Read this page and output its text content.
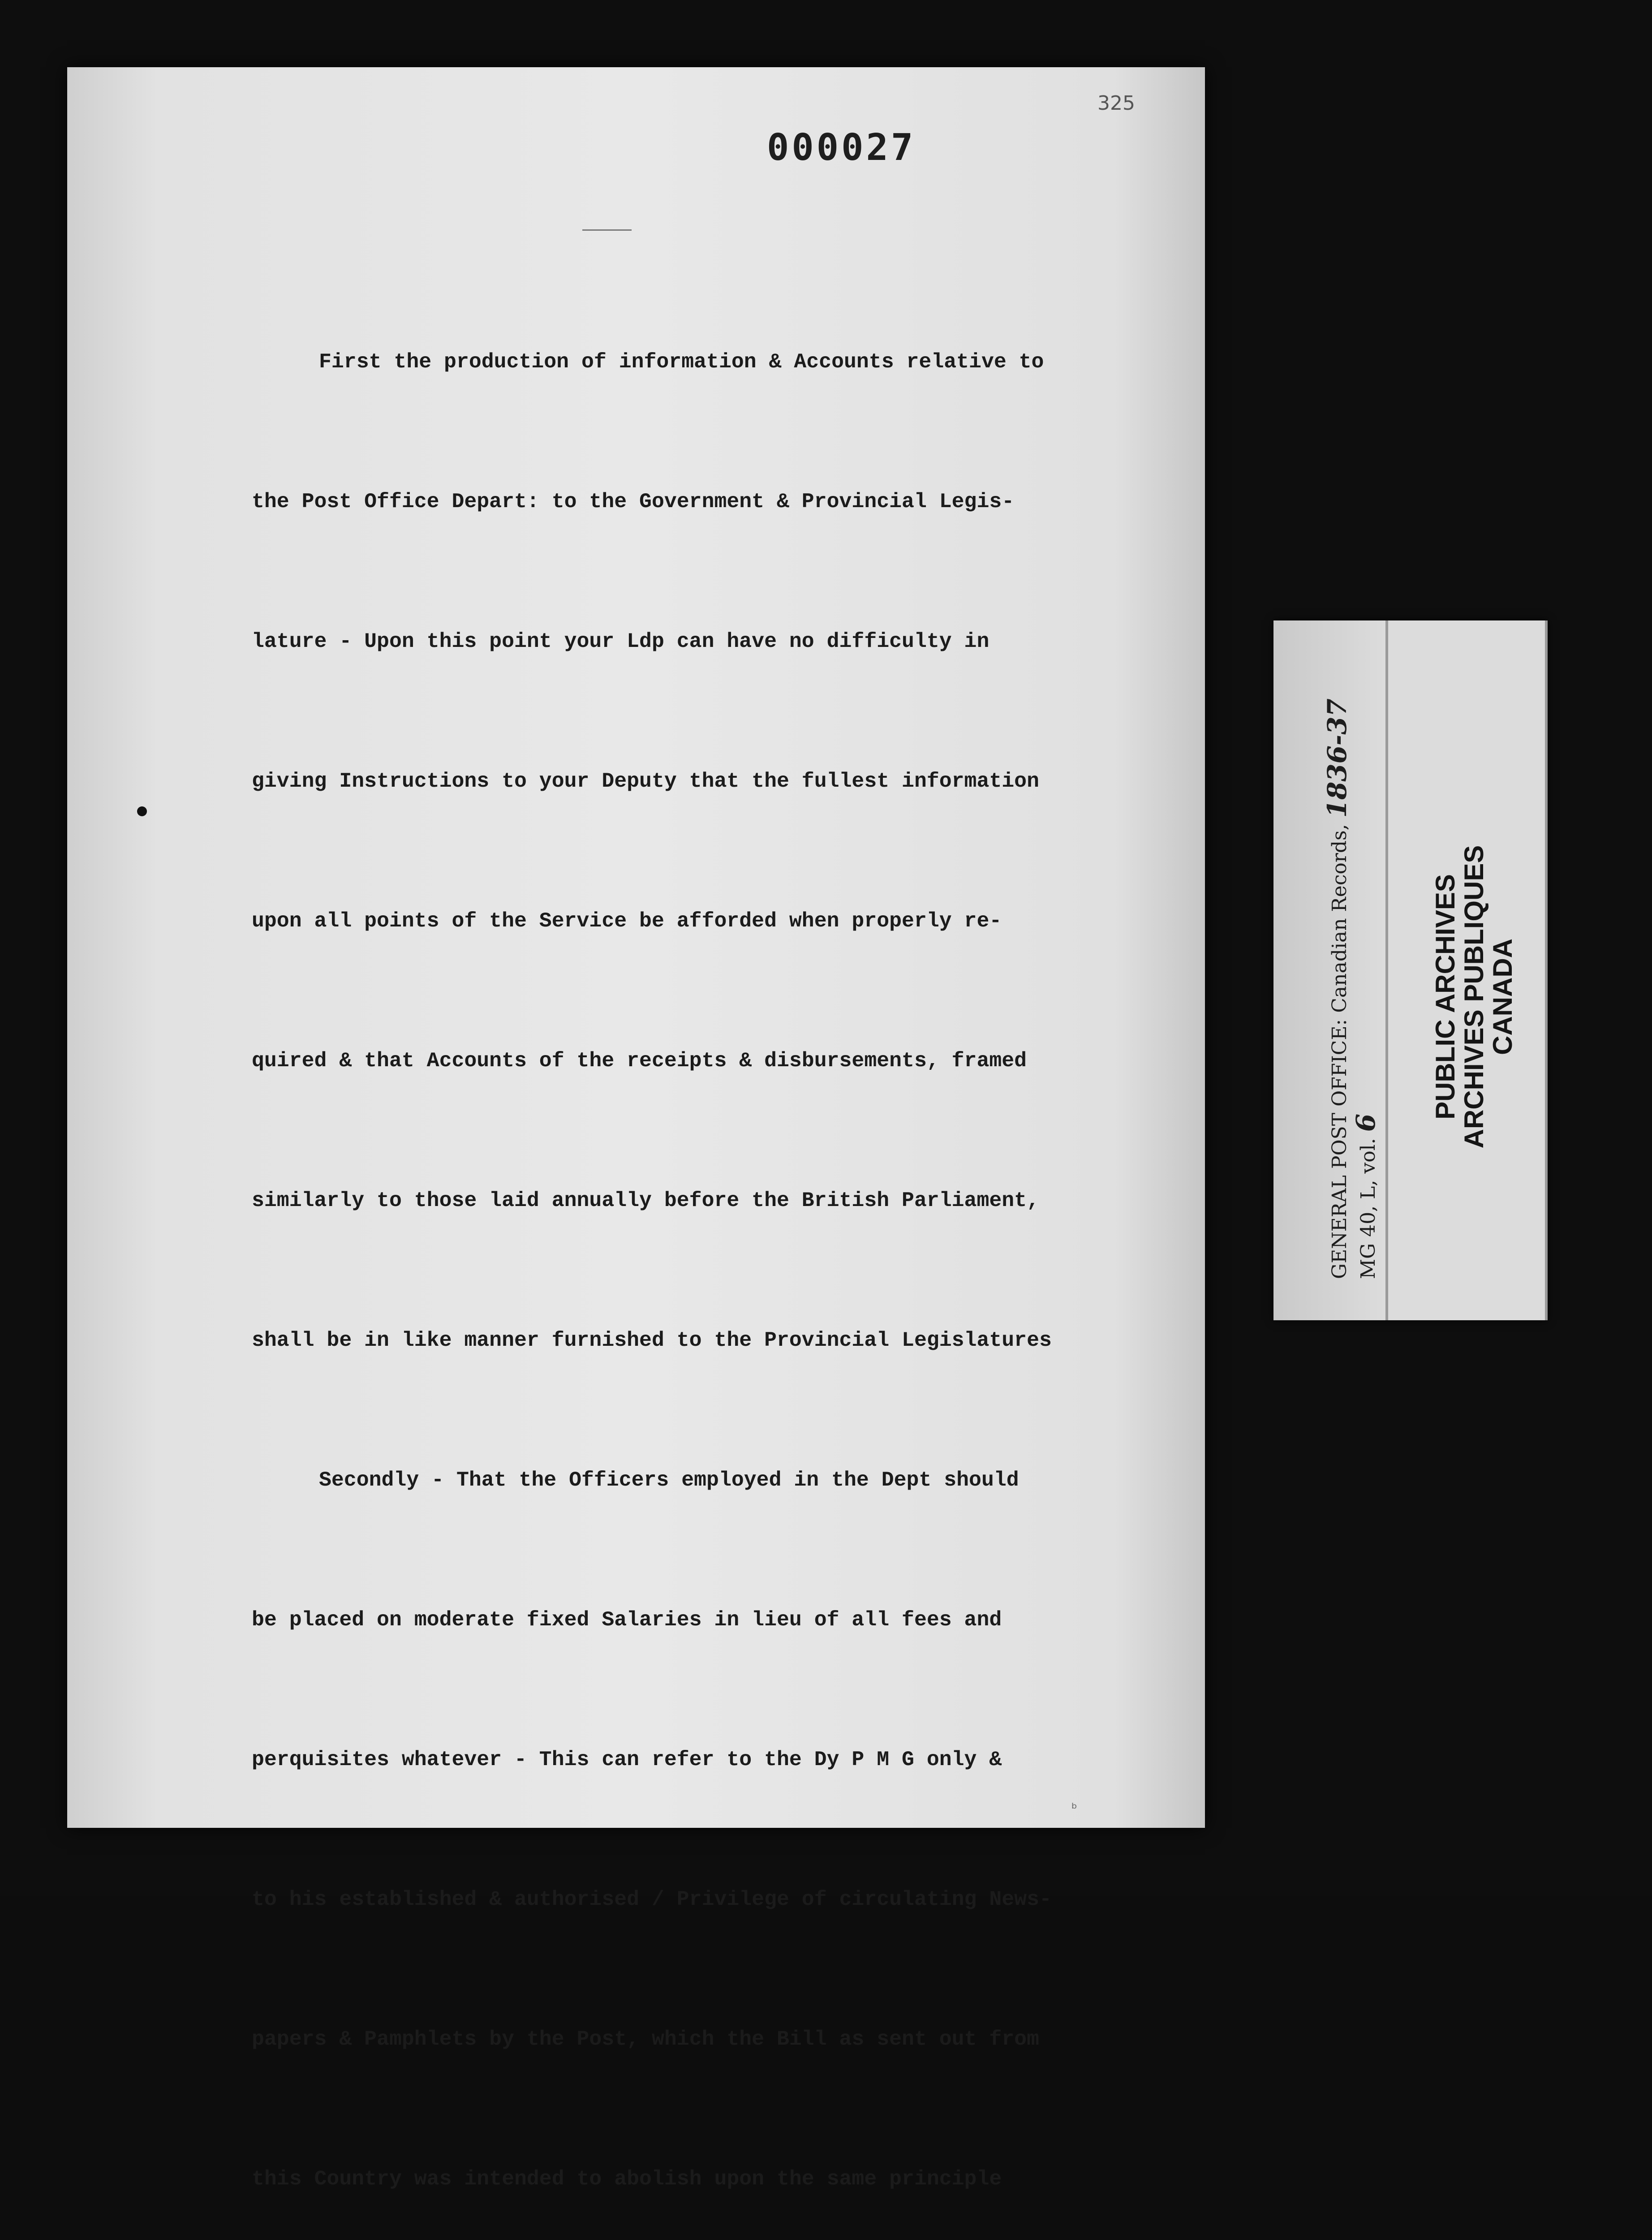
325
000027

First the production of information & Accounts relative to

the Post Office Depart: to the Government & Provincial Legis-

lature - Upon this point your Ldp can have no difficulty in

giving Instructions to your Deputy that the fullest information

upon all points of the Service be afforded when properly re-

quired & that Accounts of the receipts & disbursements, framed

similarly to those laid annually before the British Parliament,

shall be in like manner furnished to the Provincial Legislatures

Secondly - That the Officers employed in the Dept should

be placed on moderate fixed Salaries in lieu of all fees and

perquisites whatever - This can refer to the Dy P M G only &

to his established & authorised / Privilege of circulating News-

papers & Pamphlets by the Post, which the Bill as sent out from

this Country was intended to abolish upon the same principle

ᵇ
GENERAL POST OFFICE: Canadian Records, 1836-37
MG 40, L, vol. 6
PUBLIC ARCHIVES
ARCHIVES PUBLIQUES
CANADA
